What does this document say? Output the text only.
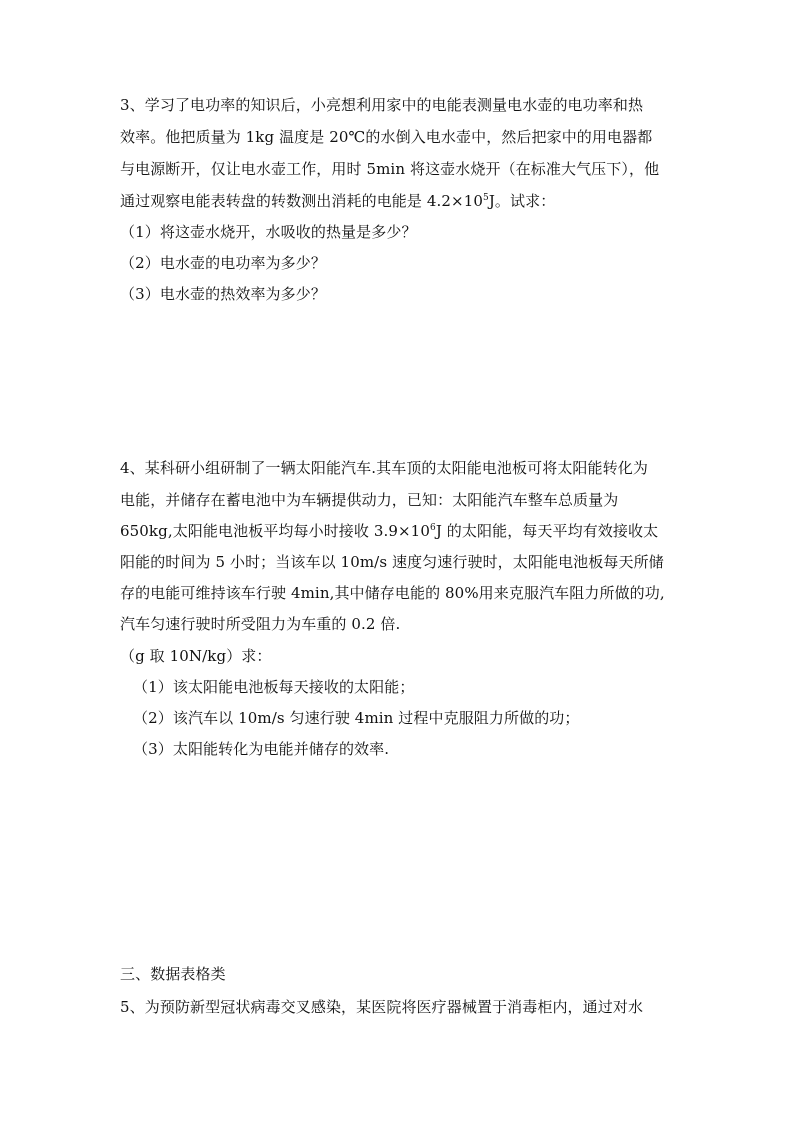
3、学习了电功率的知识后，小亮想利用家中的电能表测量电水壶的电功率和热
效率。他把质量为 1kg 温度是 20℃的水倒入电水壶中，然后把家中的用电器都
与电源断开，仅让电水壶工作，用时 5min 将这壶水烧开（在标准大气压下），他
通过观察电能表转盘的转数测出消耗的电能是 $4.2\times 10^5J$。试求：
（1）将这壶水烧开，水吸收的热量是多少？
（2）电水壶的电功率为多少？
（3）电水壶的热效率为多少？
4、某科研小组研制了一辆太阳能汽车.其车顶的太阳能电池板可将太阳能转化为
电能，并储存在蓄电池中为车辆提供动力，已知：太阳能汽车整车总质量为
650kg,太阳能电池板平均每小时接收 $3.9\times 10^6J$ 的太阳能，每天平均有效接收太
阳能的时间为 5 小时；当该车以 10m/s 速度匀速行驶时，太阳能电池板每天所储
存的电能可维持该车行驶 4min,其中储存电能的 80%用来克服汽车阻力所做的功,
汽车匀速行驶时所受阻力为车重的 0.2 倍.
（g 取 10N/kg）求：
（1）该太阳能电池板每天接收的太阳能；
（2）该汽车以 10m/s 匀速行驶 4min 过程中克服阻力所做的功；
（3）太阳能转化为电能并储存的效率.
三、数据表格类
5、为预防新型冠状病毒交叉感染，某医院将医疗器械置于消毒柜内，通过对水
